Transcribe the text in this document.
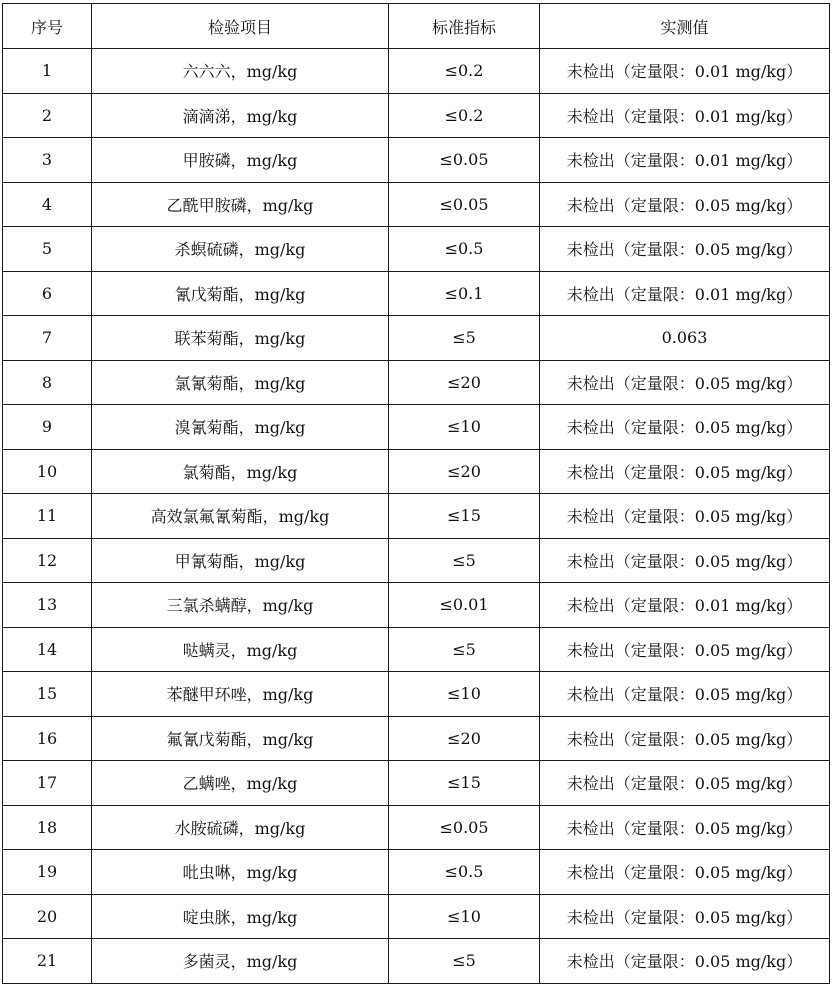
序号	检验项目	标准指标	实测值
1	六六六，mg/kg	≤0.2	未检出（定量限：0.01 mg/kg）
2	滴滴涕，mg/kg	≤0.2	未检出（定量限：0.01 mg/kg）
3	甲胺磷，mg/kg	≤0.05	未检出（定量限：0.01 mg/kg）
4	乙酰甲胺磷，mg/kg	≤0.05	未检出（定量限：0.05 mg/kg）
5	杀螟硫磷，mg/kg	≤0.5	未检出（定量限：0.05 mg/kg）
6	氰戊菊酯，mg/kg	≤0.1	未检出（定量限：0.01 mg/kg）
7	联苯菊酯，mg/kg	≤5	0.063
8	氯氰菊酯，mg/kg	≤20	未检出（定量限：0.05 mg/kg）
9	溴氰菊酯，mg/kg	≤10	未检出（定量限：0.05 mg/kg）
10	氯菊酯，mg/kg	≤20	未检出（定量限：0.05 mg/kg）
11	高效氯氟氰菊酯，mg/kg	≤15	未检出（定量限：0.05 mg/kg）
12	甲氰菊酯，mg/kg	≤5	未检出（定量限：0.05 mg/kg）
13	三氯杀螨醇，mg/kg	≤0.01	未检出（定量限：0.01 mg/kg）
14	哒螨灵，mg/kg	≤5	未检出（定量限：0.05 mg/kg）
15	苯醚甲环唑，mg/kg	≤10	未检出（定量限：0.05 mg/kg）
16	氟氰戊菊酯，mg/kg	≤20	未检出（定量限：0.05 mg/kg）
17	乙螨唑，mg/kg	≤15	未检出（定量限：0.05 mg/kg）
18	水胺硫磷，mg/kg	≤0.05	未检出（定量限：0.05 mg/kg）
19	吡虫啉，mg/kg	≤0.5	未检出（定量限：0.05 mg/kg）
20	啶虫脒，mg/kg	≤10	未检出（定量限：0.05 mg/kg）
21	多菌灵，mg/kg	≤5	未检出（定量限：0.05 mg/kg）
